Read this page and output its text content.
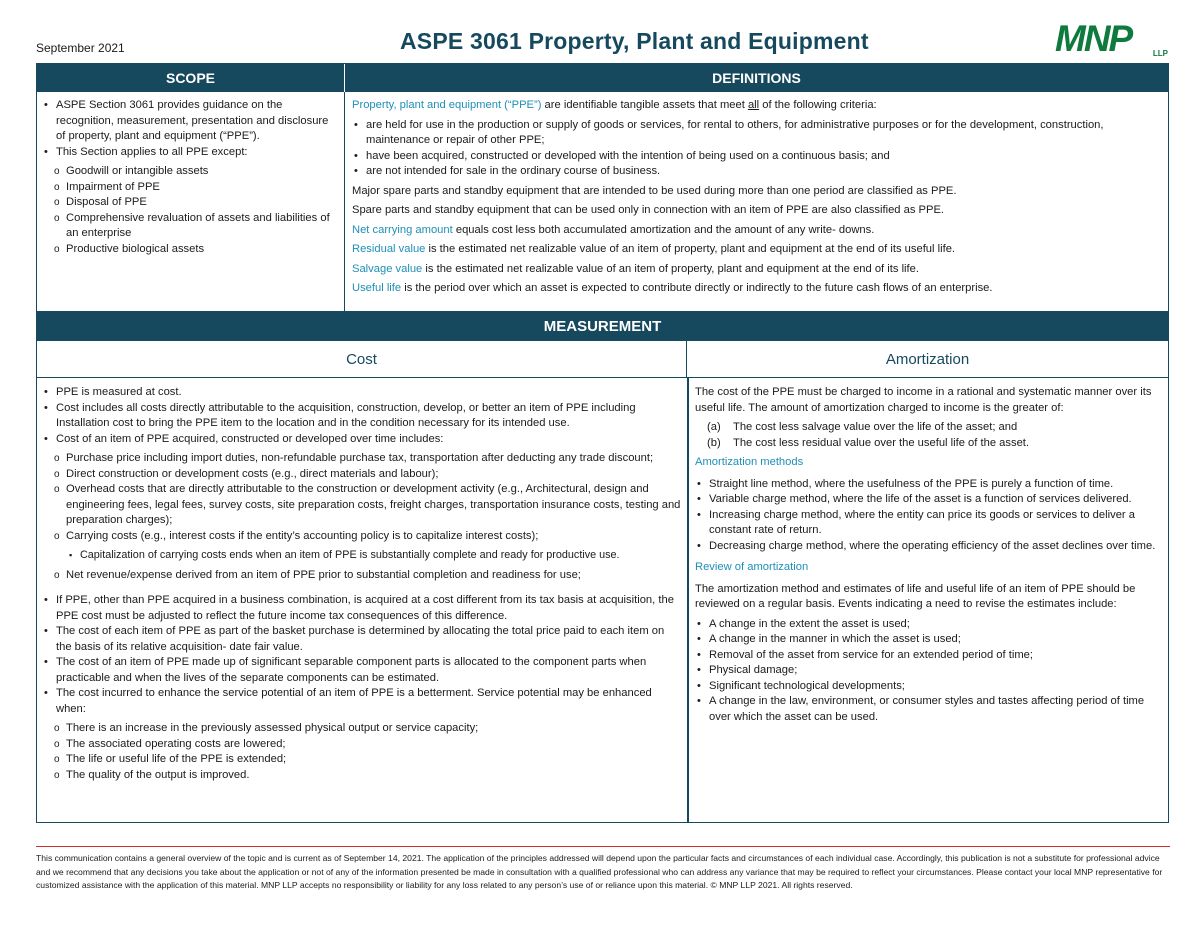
September 2021	ASPE 3061 Property, Plant and Equipment	MNP	LLP
SCOPE	DEFINITIONS
• ASPE Section 3061 provides guidance on the recognition, measurement, presentation and disclosure of property, plant and equipment (“PPE”).
• This Section applies to all PPE except:
o Goodwill or intangible assets
o Impairment of PPE
o Disposal of PPE
o Comprehensive revaluation of assets and liabilities of an enterprise
o Productive biological assets
Property, plant and equipment (“PPE”) are identifiable tangible assets that meet all of the following criteria:
• are held for use in the production or supply of goods or services, for rental to others, for administrative purposes or for the development, construction, maintenance or repair of other PPE;
• have been acquired, constructed or developed with the intention of being used on a continuous basis; and
• are not intended for sale in the ordinary course of business.
Major spare parts and standby equipment that are intended to be used during more than one period are classified as PPE.
Spare parts and standby equipment that can be used only in connection with an item of PPE are also classified as PPE.
Net carrying amount equals cost less both accumulated amortization and the amount of any write- downs.
Residual value is the estimated net realizable value of an item of property, plant and equipment at the end of its useful life.
Salvage value is the estimated net realizable value of an item of property, plant and equipment at the end of its life.
Useful life is the period over which an asset is expected to contribute directly or indirectly to the future cash flows of an enterprise.
MEASUREMENT
Cost	Amortization
• PPE is measured at cost.
• Cost includes all costs directly attributable to the acquisition, construction, develop, or better an item of PPE including Installation cost to bring the PPE item to the location and in the condition necessary for its intended use.
• Cost of an item of PPE acquired, constructed or developed over time includes:
o Purchase price including import duties, non-refundable purchase tax, transportation after deducting any trade discount;
o Direct construction or development costs (e.g., direct materials and labour);
o Overhead costs that are directly attributable to the construction or development activity (e.g., Architectural, design and engineering fees, legal fees, survey costs, site preparation costs, freight charges, transportation insurance costs, testing and preparation charges);
o Carrying costs (e.g., interest costs if the entity’s accounting policy is to capitalize interest costs);
▪ Capitalization of carrying costs ends when an item of PPE is substantially complete and ready for productive use.
o Net revenue/expense derived from an item of PPE prior to substantial completion and readiness for use;
• If PPE, other than PPE acquired in a business combination, is acquired at a cost different from its tax basis at acquisition, the PPE cost must be adjusted to reflect the future income tax consequences of this difference.
• The cost of each item of PPE as part of the basket purchase is determined by allocating the total price paid to each item on the basis of its relative acquisition- date fair value.
• The cost of an item of PPE made up of significant separable component parts is allocated to the component parts when practicable and when the lives of the separate components can be estimated.
• The cost incurred to enhance the service potential of an item of PPE is a betterment. Service potential may be enhanced when:
o There is an increase in the previously assessed physical output or service capacity;
o The associated operating costs are lowered;
o The life or useful life of the PPE is extended;
o The quality of the output is improved.
The cost of the PPE must be charged to income in a rational and systematic manner over its useful life. The amount of amortization charged to income is the greater of:
(a) The cost less salvage value over the life of the asset; and
(b) The cost less residual value over the useful life of the asset.
Amortization methods
• Straight line method, where the usefulness of the PPE is purely a function of time.
• Variable charge method, where the life of the asset is a function of services delivered.
• Increasing charge method, where the entity can price its goods or services to deliver a constant rate of return.
• Decreasing charge method, where the operating efficiency of the asset declines over time.
Review of amortization
The amortization method and estimates of life and useful life of an item of PPE should be reviewed on a regular basis. Events indicating a need to revise the estimates include:
• A change in the extent the asset is used;
• A change in the manner in which the asset is used;
• Removal of the asset from service for an extended period of time;
• Physical damage;
• Significant technological developments;
• A change in the law, environment, or consumer styles and tastes affecting period of time over which the asset can be used.
This communication contains a general overview of the topic and is current as of September 14, 2021. The application of the principles addressed will depend upon the particular facts and circumstances of each individual case. Accordingly, this publication is not a substitute for professional advice and we recommend that any decisions you take about the application or not of any of the information presented be made in consultation with a qualified professional who can address any variance that may be required to reflect your circumstances. Please contact your local MNP representative for customized assistance with the application of this material. MNP LLP accepts no responsibility or liability for any loss related to any person’s use of or reliance upon this material. © MNP LLP 2021. All rights reserved.
